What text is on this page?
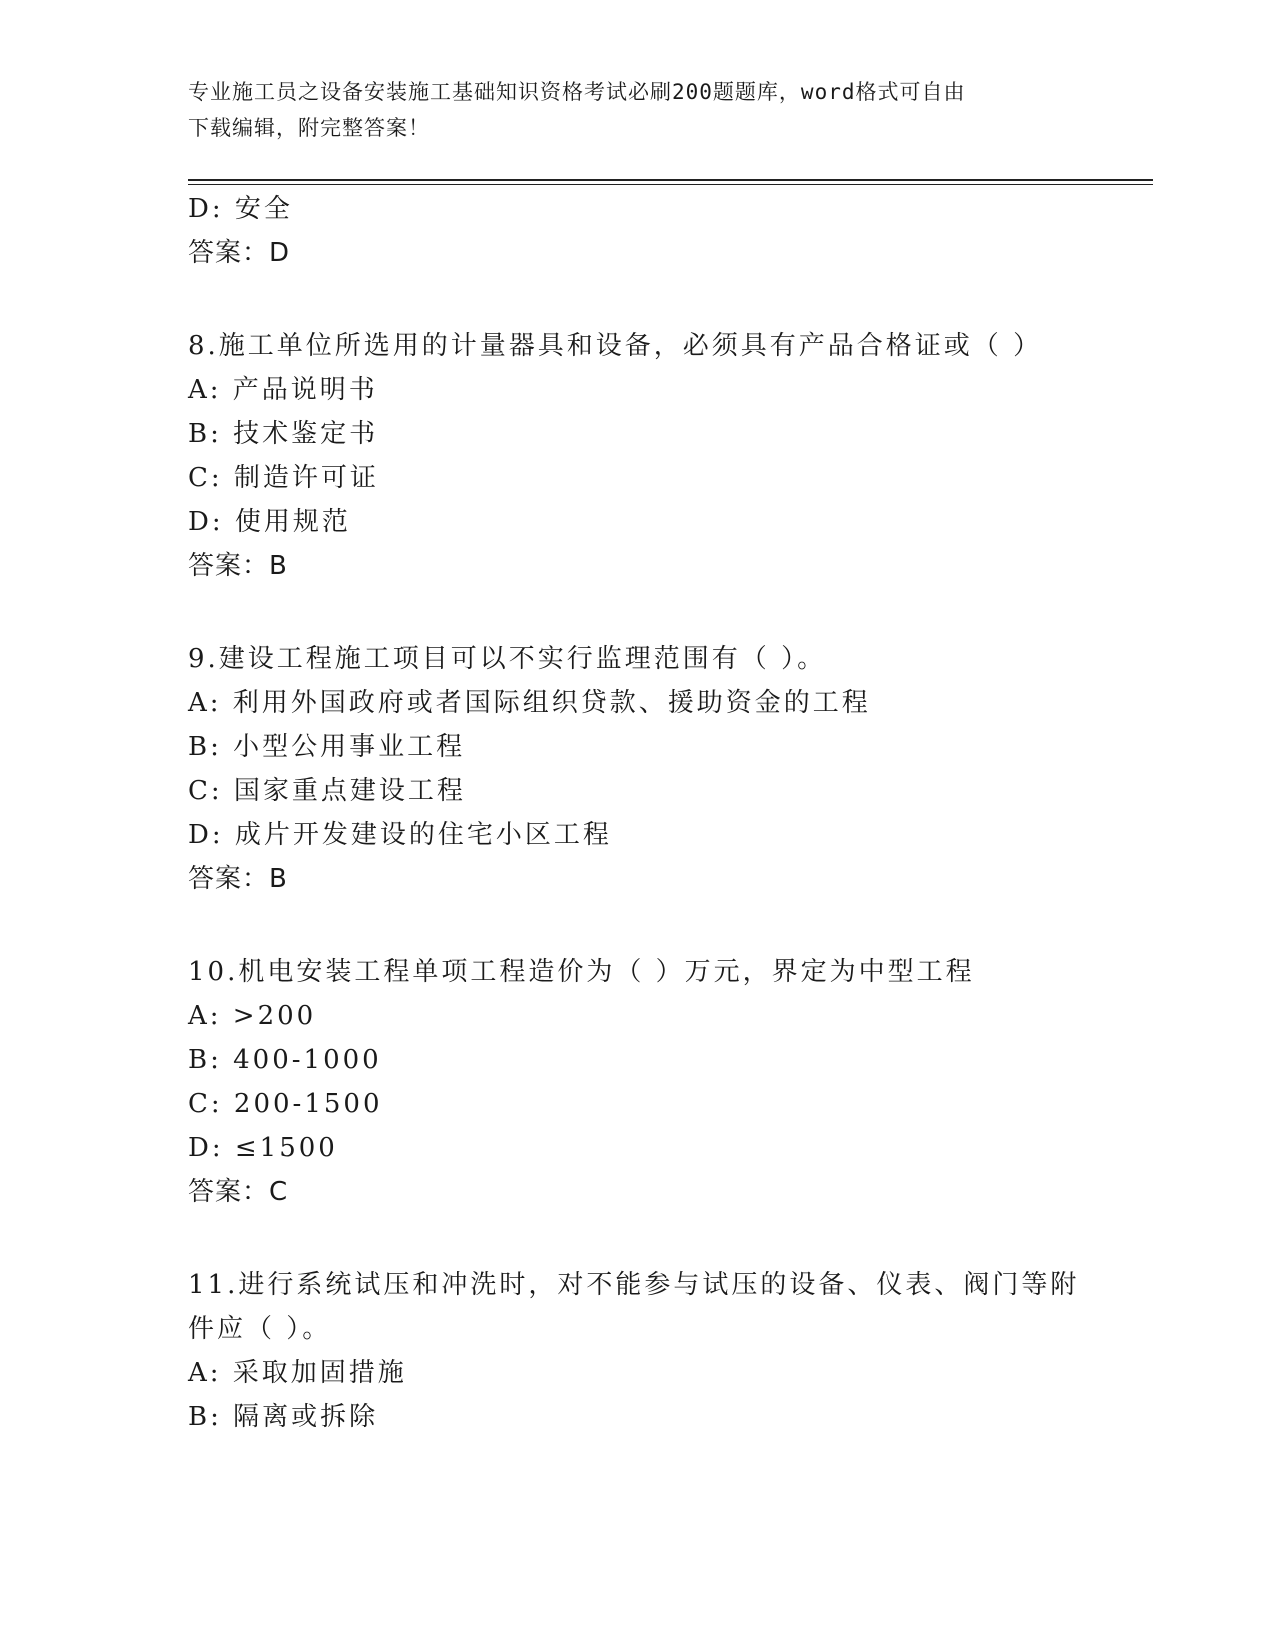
专业施工员之设备安装施工基础知识资格考试必刷200题题库，word格式可自由
下载编辑，附完整答案！
D: 安全
答案：D
8.施工单位所选用的计量器具和设备，必须具有产品合格证或（ ）
A: 产品说明书
B: 技术鉴定书
C: 制造许可证
D: 使用规范
答案：B
9.建设工程施工项目可以不实行监理范围有（ ）。
A: 利用外国政府或者国际组织贷款、援助资金的工程
B: 小型公用事业工程
C: 国家重点建设工程
D: 成片开发建设的住宅小区工程
答案：B
10.机电安装工程单项工程造价为（ ）万元，界定为中型工程
A: >200
B: 400-1000
C: 200-1500
D: ≤1500
答案：C
11.进行系统试压和冲洗时，对不能参与试压的设备、仪表、阀门等附
件应（ ）。
A: 采取加固措施
B: 隔离或拆除
